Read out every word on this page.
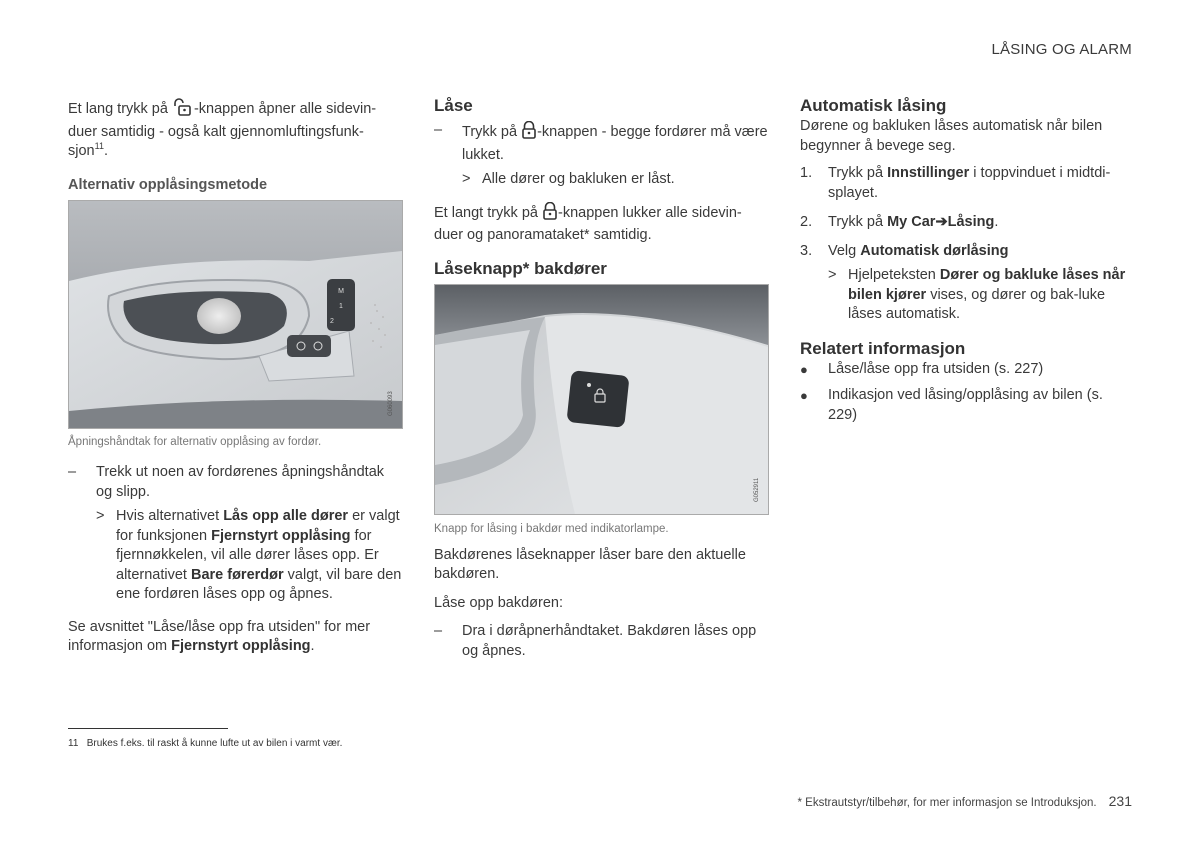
LÅSING OG ALARM

Et lang trykk på -knappen åpner alle sidevin-
duer samtidig - også kalt gjennomluftingsfunk-
sjon$^{11}$.

Alternativ opplåsingsmetode

M
1
2
G060093

Åpningshåndtak for alternativ opplåsing av fordør.

– Trekk ut noen av fordørenes åpningshåndtak og slipp.
> Hvis alternativet Lås opp alle dører er valgt for funksjonen Fjernstyrt opplåsing for fjernnøkkelen, vil alle dører låses opp. Er alternativet Bare førerdør valgt, vil bare den ene fordøren låses opp og åpnes.

Se avsnittet "Låse/låse opp fra utsiden" for mer informasjon om Fjernstyrt opplåsing.

Låse

– Trykk på -knappen - begge fordører må være lukket.
> Alle dører og bakluken er låst.

Et langt trykk på -knappen lukker alle sidevin-duer og panoramataket* samtidig.

Låseknapp* bakdører

G052911

Knapp for låsing i bakdør med indikatorlampe.

Bakdørenes låseknapper låser bare den aktuelle bakdøren.

Låse opp bakdøren:

– Dra i døråpnerhåndtaket. Bakdøren låses opp og åpnes.

Automatisk låsing

Dørene og bakluken låses automatisk når bilen begynner å bevege seg.

1. Trykk på Innstillinger i toppvinduet i midtdi-splayet.
2. Trykk på My Car➔Låsing.
3. Velg Automatisk dørlåsing
> Hjelpeteksten Dører og bakluke låses når bilen kjører vises, og dører og bak-luke låses automatisk.

Relatert informasjon

● Låse/låse opp fra utsiden (s. 227)
● Indikasjon ved låsing/opplåsing av bilen (s. 229)
11 Brukes f.eks. til raskt å kunne lufte ut av bilen i varmt vær.
* Ekstrautstyr/tilbehør, for mer informasjon se Introduksjon. 231
